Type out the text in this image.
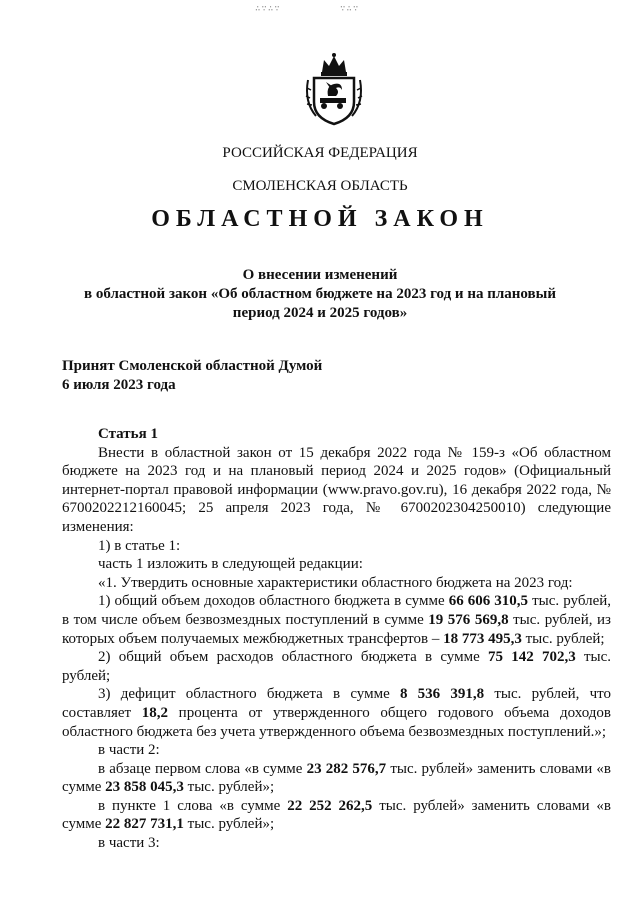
∴∵∴∵	∵∴∵
РОССИЙСКАЯ ФЕДЕРАЦИЯ
СМОЛЕНСКАЯ ОБЛАСТЬ
ОБЛАСТНОЙ ЗАКОН
О внесении изменений
в областной закон «Об областном бюджете на 2023 год и на плановый
период 2024 и 2025 годов»
Принят Смоленской областной Думой
6 июля 2023 года

Статья 1

Внести в областной закон от 15 декабря 2022 года № 159-з «Об областном бюджете на 2023 год и на плановый период 2024 и 2025 годов» (Официальный интернет-портал правовой информации (www.pravo.gov.ru), 16 декабря 2022 года, № 6700202212160045; 25 апреля 2023 года, № 6700202304250010) следующие изменения:

1) в статье 1:

часть 1 изложить в следующей редакции:

«1. Утвердить основные характеристики областного бюджета на 2023 год:

1) общий объем доходов областного бюджета в сумме 66 606 310,5 тыс. рублей, в том числе объем безвозмездных поступлений в сумме 19 576 569,8 тыс. рублей, из которых объем получаемых межбюджетных трансфертов – 18 773 495,3 тыс. рублей;

2) общий объем расходов областного бюджета в сумме 75 142 702,3 тыс. рублей;

3) дефицит областного бюджета в сумме 8 536 391,8 тыс. рублей, что составляет 18,2 процента от утвержденного общего годового объема доходов областного бюджета без учета утвержденного объема безвозмездных поступлений.»;

в части 2:

в абзаце первом слова «в сумме 23 282 576,7 тыс. рублей» заменить словами «в сумме 23 858 045,3 тыс. рублей»;

в пункте 1 слова «в сумме 22 252 262,5 тыс. рублей» заменить словами «в сумме 22 827 731,1 тыс. рублей»;

в части 3:
